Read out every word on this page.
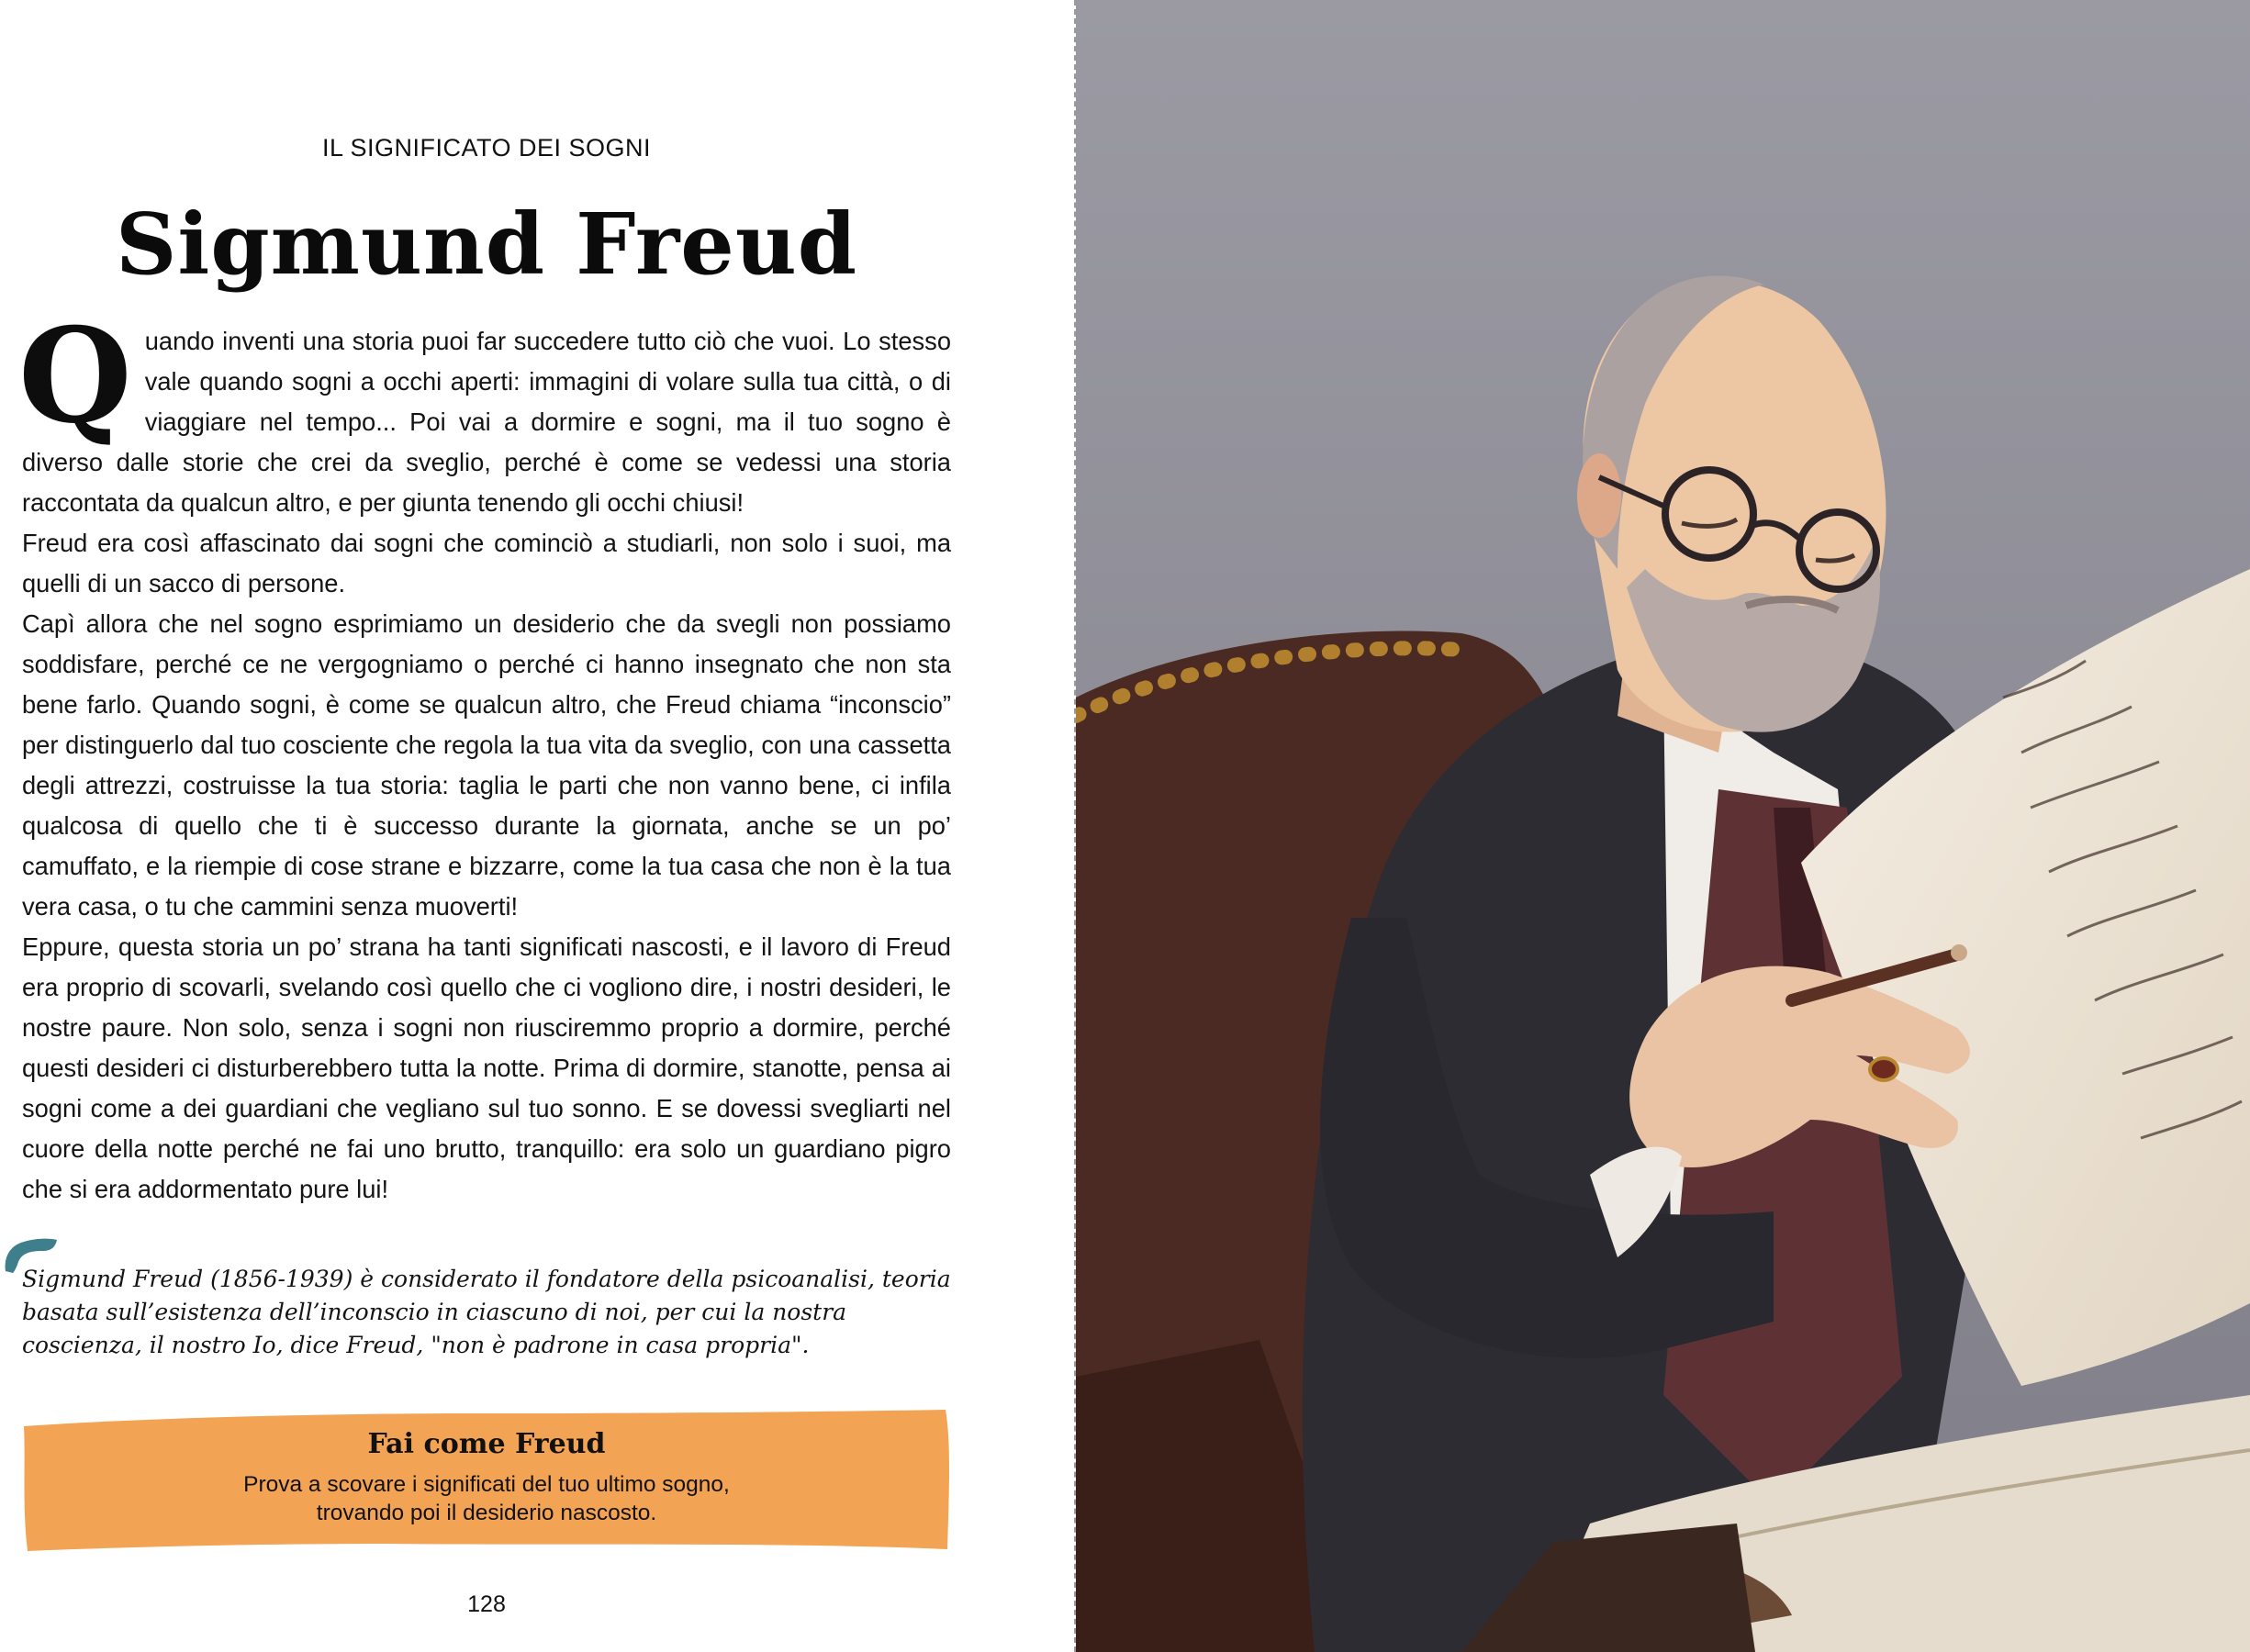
IL SIGNIFICATO DEI SOGNI
Sigmund Freud
Q uando inventi una storia puoi far succedere tutto ciò che vuoi. Lo stesso vale quando sogni a occhi aperti: immagini di volare sulla tua città, o di viaggiare nel tempo... Poi vai a dormire e sogni, ma il tuo sogno è diverso dalle storie che crei da sveglio, perché è come se vedessi una storia raccontata da qualcun altro, e per giunta tenendo gli occhi chiusi!

Freud era così affascinato dai sogni che cominciò a studiarli, non solo i suoi, ma quelli di un sacco di persone.

Capì allora che nel sogno esprimiamo un desiderio che da svegli non possiamo soddisfare, perché ce ne vergogniamo o perché ci hanno insegnato che non sta bene farlo. Quando sogni, è come se qualcun altro, che Freud chiama “inconscio” per distinguerlo dal tuo cosciente che regola la tua vita da sveglio, con una cassetta degli attrezzi, costruisse la tua storia: taglia le parti che non vanno bene, ci infila qualcosa di quello che ti è successo durante la giornata, anche se un po’ camuffato, e la riempie di cose strane e bizzarre, come la tua casa che non è la tua vera casa, o tu che cammini senza muoverti!

Eppure, questa storia un po’ strana ha tanti significati nascosti, e il lavoro di Freud era proprio di scovarli, svelando così quello che ci vogliono dire, i nostri desideri, le nostre paure. Non solo, senza i sogni non riusciremmo proprio a dormire, perché questi desideri ci disturberebbero tutta la notte. Prima di dormire, stanotte, pensa ai sogni come a dei guardiani che vegliano sul tuo sonno. E se dovessi svegliarti nel cuore della notte perché ne fai uno brutto, tranquillo: era solo un guardiano pigro che si era addormentato pure lui!

Sigmund Freud (1856-1939) è considerato il fondatore della psicoanalisi, teoria basata sull’esistenza dell’inconscio in ciascuno di noi, per cui la nostra coscienza, il nostro Io, dice Freud, "non è padrone in casa propria".
Fai come Freud
Prova a scovare i significati del tuo ultimo sogno, trovando poi il desiderio nascosto.
128
